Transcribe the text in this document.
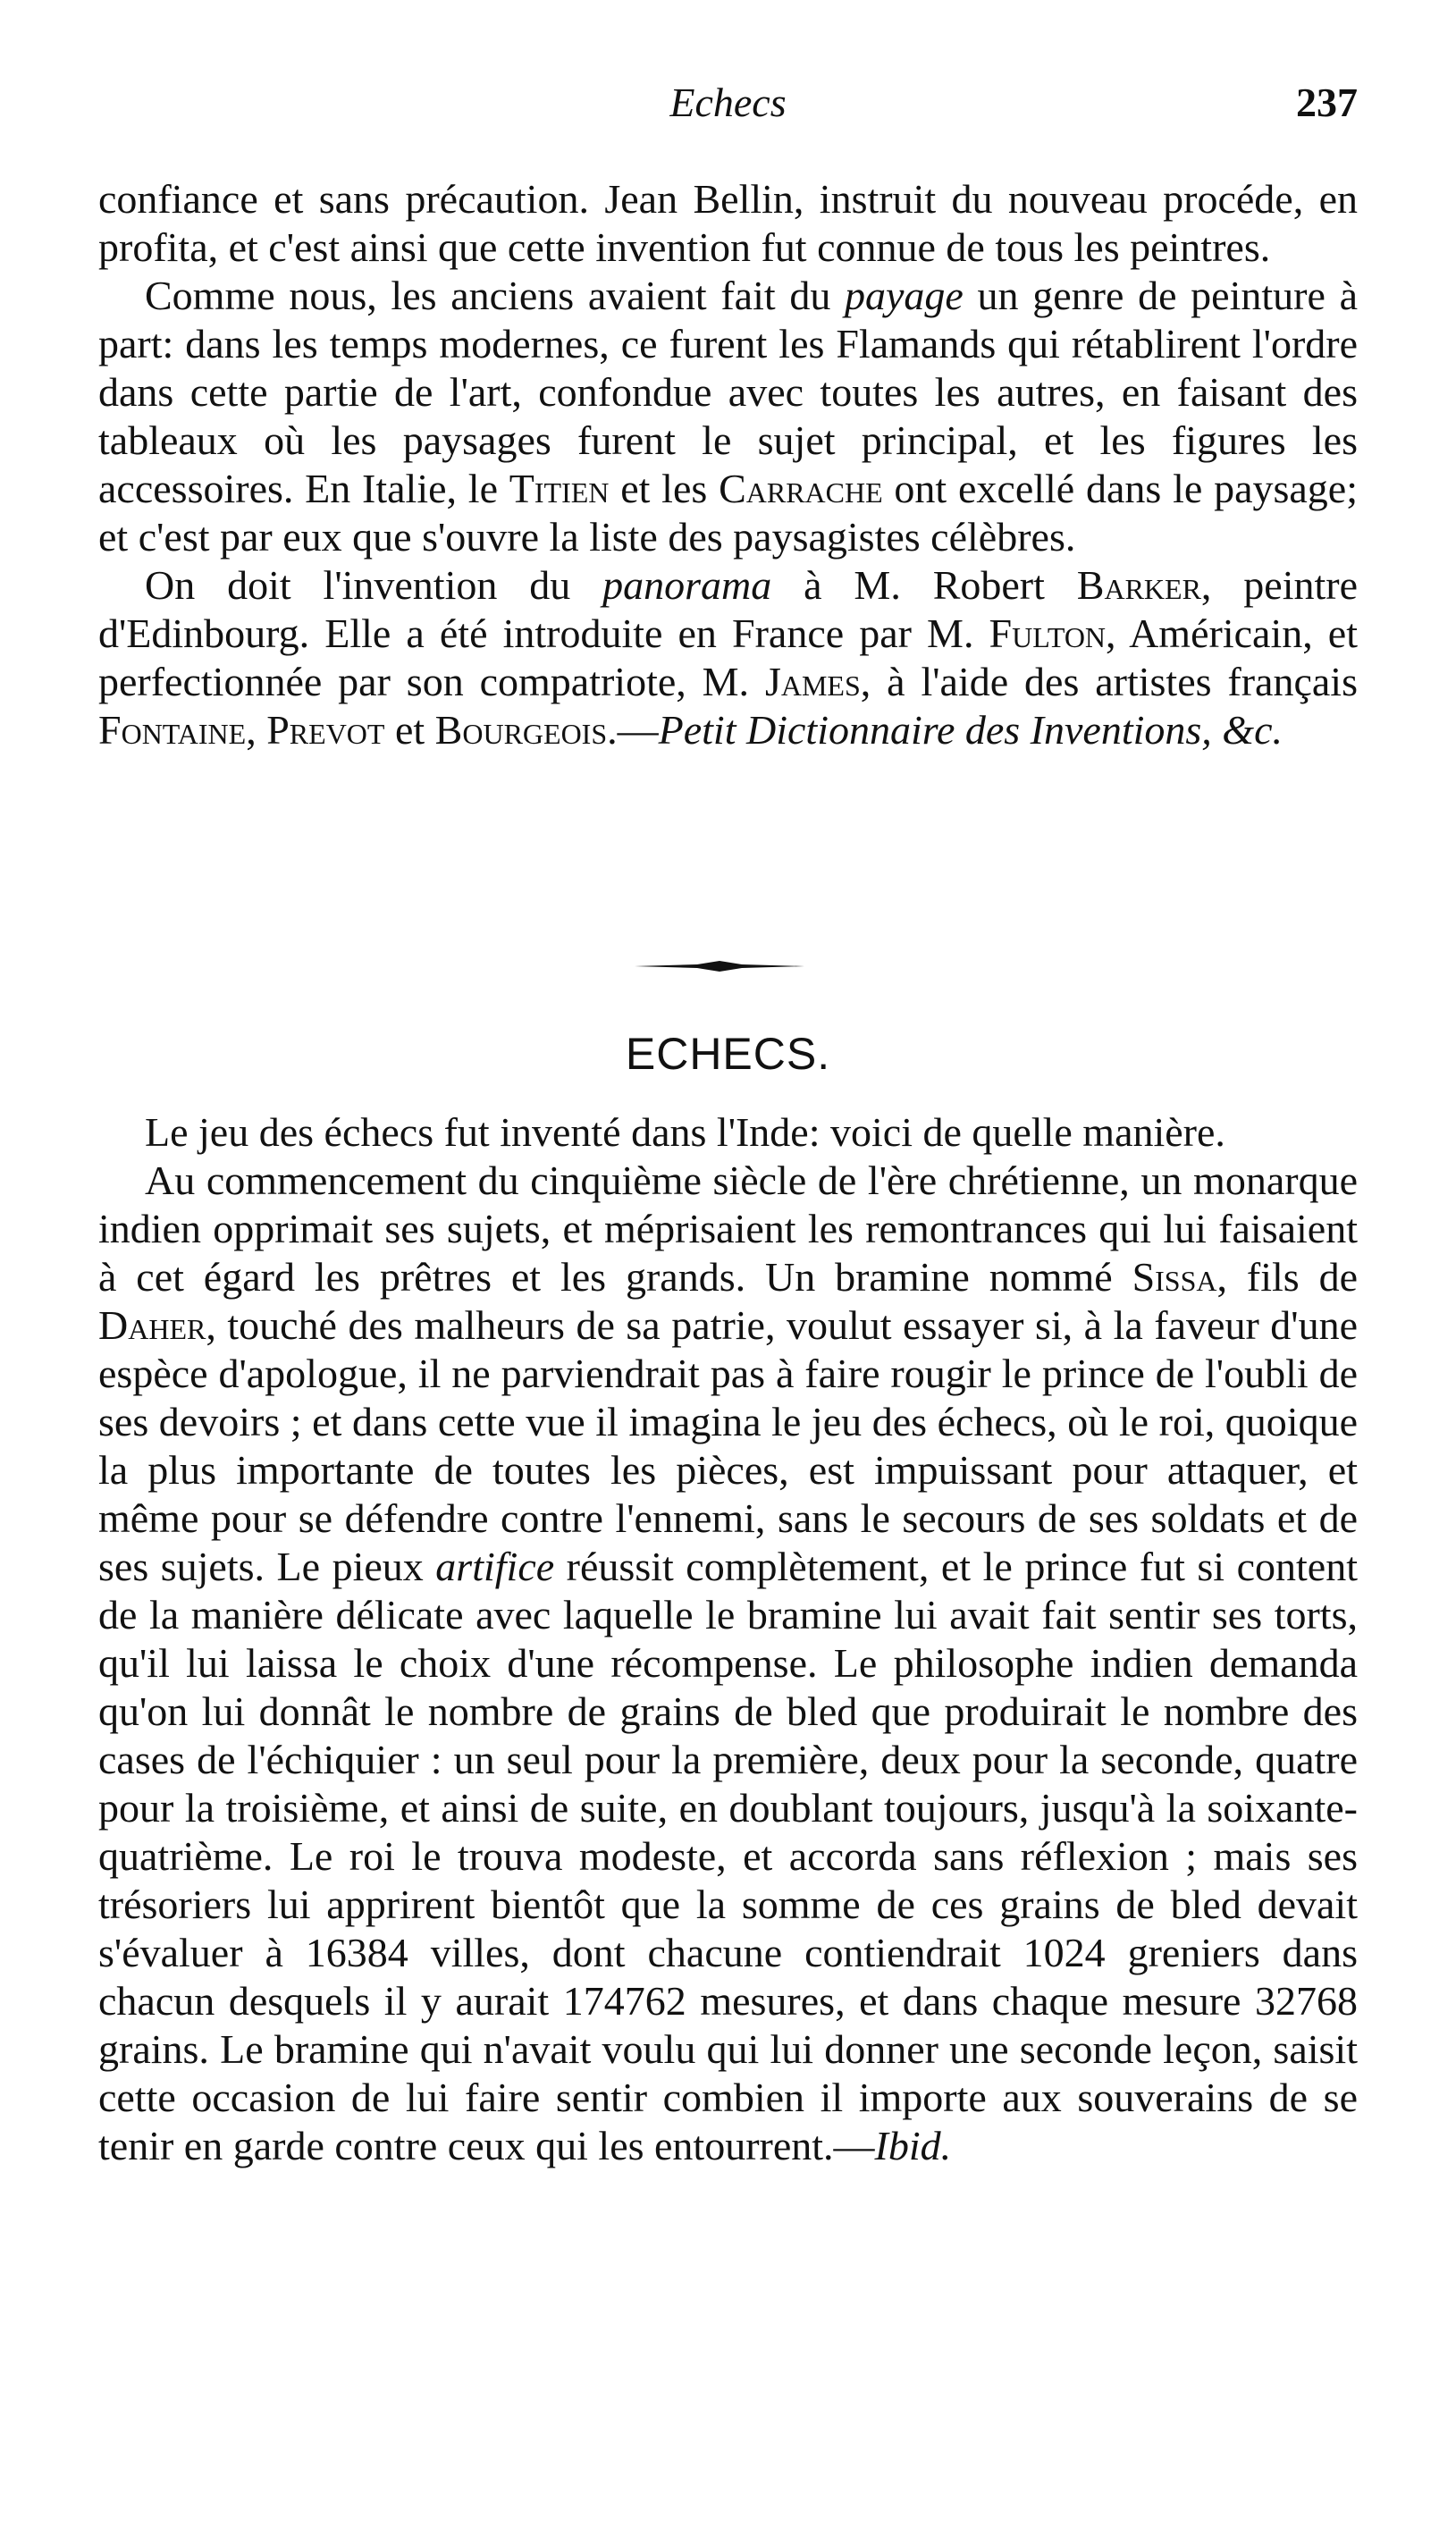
Echecs	237

confiance et sans précaution. Jean Bellin, instruit du nouveau procéde, en profita, et c'est ainsi que cette invention fut connue de tous les peintres.

Comme nous, les anciens avaient fait du payage un genre de peinture à part: dans les temps modernes, ce furent les Flamands qui rétablirent l'ordre dans cette partie de l'art, confondue avec toutes les autres, en faisant des tableaux où les paysages furent le sujet principal, et les figures les accessoires. En Italie, le Titien et les Carrache ont excellé dans le paysage; et c'est par eux que s'ouvre la liste des paysagistes célèbres.

On doit l'invention du panorama à M. Robert Barker, peintre d'Edinbourg. Elle a été introduite en France par M. Fulton, Américain, et perfectionnée par son compatriote, M. James, à l'aide des artistes français Fontaine, Prevot et Bourgeois.—Petit Dictionnaire des Inventions, &c.

ECHECS.

Le jeu des échecs fut inventé dans l'Inde: voici de quelle manière.

Au commencement du cinquième siècle de l'ère chrétienne, un monarque indien opprimait ses sujets, et méprisaient les remontrances qui lui faisaient à cet égard les prêtres et les grands. Un bramine nommé Sissa, fils de Daher, touché des malheurs de sa patrie, voulut essayer si, à la faveur d'une espèce d'apologue, il ne parviendrait pas à faire rougir le prince de l'oubli de ses devoirs ; et dans cette vue il imagina le jeu des échecs, où le roi, quoique la plus importante de toutes les pièces, est impuissant pour attaquer, et même pour se défendre contre l'ennemi, sans le secours de ses soldats et de ses sujets. Le pieux artifice réussit complètement, et le prince fut si content de la manière délicate avec laquelle le bramine lui avait fait sentir ses torts, qu'il lui laissa le choix d'une récompense. Le philosophe indien demanda qu'on lui donnât le nombre de grains de bled que produirait le nombre des cases de l'échiquier : un seul pour la première, deux pour la seconde, quatre pour la troisième, et ainsi de suite, en doublant toujours, jusqu'à la soixante-quatrième. Le roi le trouva modeste, et accorda sans réflexion ; mais ses trésoriers lui apprirent bientôt que la somme de ces grains de bled devait s'évaluer à 16384 villes, dont chacune contiendrait 1024 greniers dans chacun desquels il y aurait 174762 mesures, et dans chaque mesure 32768 grains. Le bramine qui n'avait voulu qui lui donner une seconde leçon, saisit cette occasion de lui faire sentir combien il importe aux souverains de se tenir en garde contre ceux qui les entourrent.—Ibid.
